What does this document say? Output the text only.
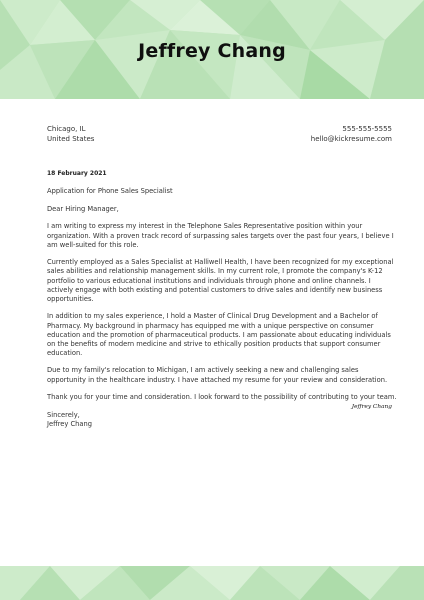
Jeffrey Chang
Chicago, IL
United States
555-555-5555
hello@kickresume.com

18 February 2021

Application for Phone Sales Specialist

Dear Hiring Manager,

I am writing to express my interest in the Telephone Sales Representative position within your organization. With a proven track record of surpassing sales targets over the past four years, I believe I am well-suited for this role.

Currently employed as a Sales Specialist at Halliwell Health, I have been recognized for my exceptional sales abilities and relationship management skills. In my current role, I promote the company's K-12 portfolio to various educational institutions and individuals through phone and online channels. I actively engage with both existing and potential customers to drive sales and identify new business opportunities.

In addition to my sales experience, I hold a Master of Clinical Drug Development and a Bachelor of Pharmacy. My background in pharmacy has equipped me with a unique perspective on consumer education and the promotion of pharmaceutical products. I am passionate about educating individuals on the benefits of modern medicine and strive to ethically position products that support consumer education.

Due to my family's relocation to Michigan, I am actively seeking a new and challenging sales opportunity in the healthcare industry. I have attached my resume for your review and consideration.

Thank you for your time and consideration. I look forward to the possibility of contributing to your team.

Sincerely,
Jeffrey Chang

Jeffrey Chang
